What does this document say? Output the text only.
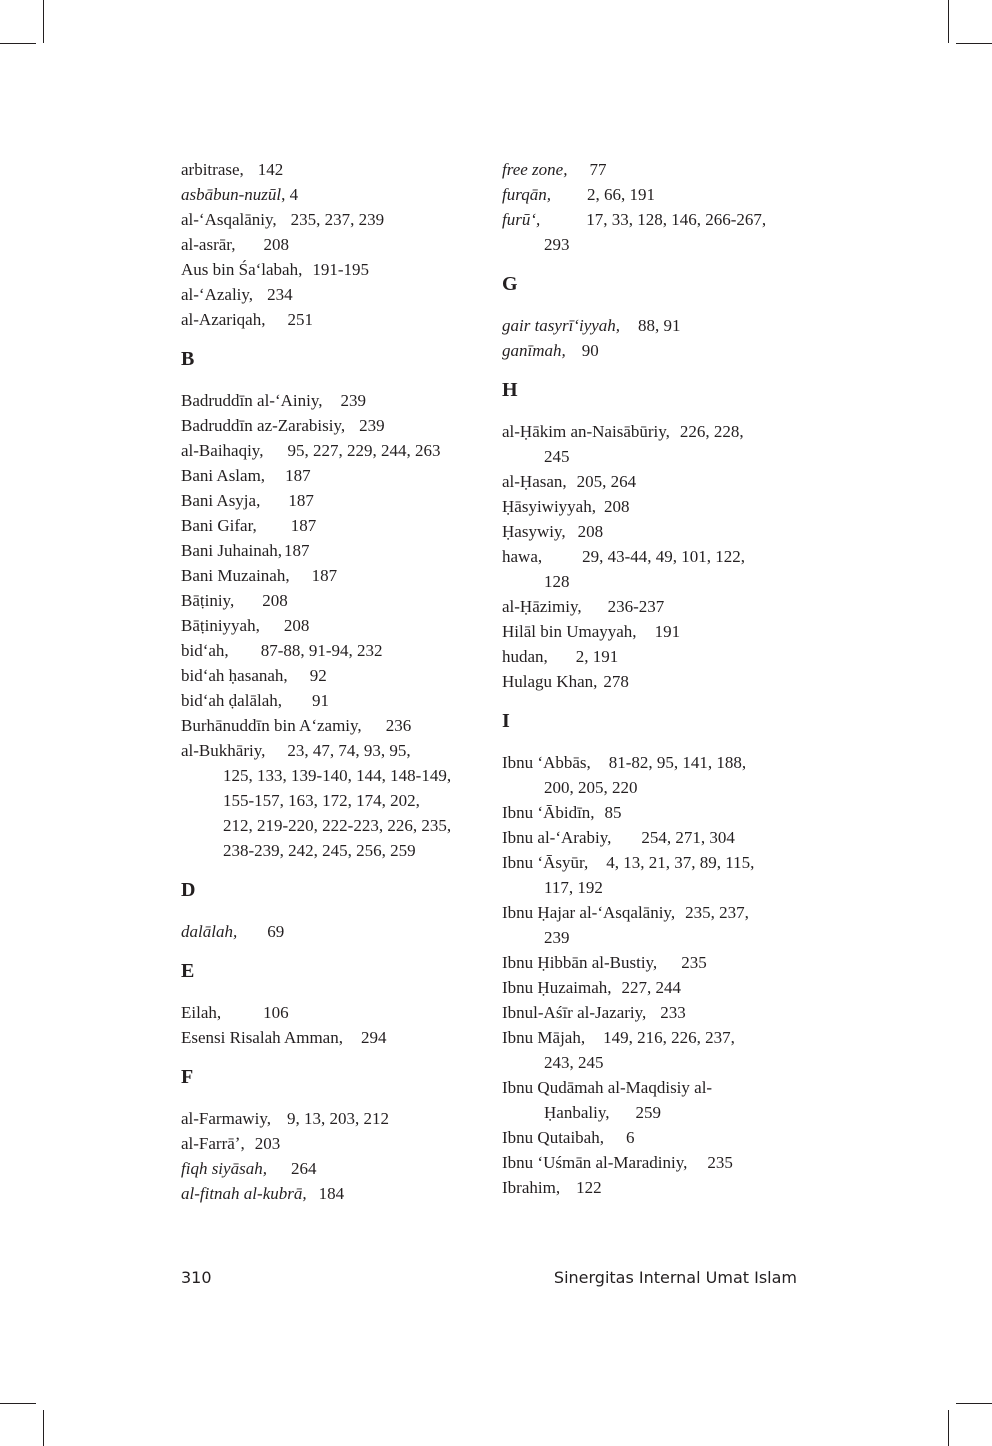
arbitrase, 142
asbābun-nuzūl, 4
al-ʻAsqalāniy, 235, 237, 239
al-asrār, 208
Aus bin Śaʻlabah, 191-195
al-ʻAzaliy, 234
al-Azariqah, 251
B
Badruddīn al-ʻAiniy, 239
Badruddīn az-Zarabisiy, 239
al-Baihaqiy, 95, 227, 229, 244, 263
Bani Aslam, 187
Bani Asyja, 187
Bani Gifar, 187
Bani Juhainah, 187
Bani Muzainah, 187
Bāṭiniy, 208
Bāṭiniyyah, 208
bidʻah, 87-88, 91-94, 232
bidʻah ḥasanah, 92
bidʻah ḍalālah, 91
Burhānuddīn bin Aʻzamiy, 236
al-Bukhāriy, 23, 47, 74, 93, 95,
125, 133, 139-140, 144, 148-149,
155-157, 163, 172, 174, 202,
212, 219-220, 222-223, 226, 235,
238-239, 242, 245, 256, 259
D
dalālah, 69
E
Eilah, 106
Esensi Risalah Amman, 294
F
al-Farmawiy, 9, 13, 203, 212
al-Farrāʼ, 203
fiqh siyāsah, 264
al-fitnah al-kubrā, 184
free zone, 77
furqān, 2, 66, 191
furūʻ,	17, 33, 128, 146, 266-267,
293
G
gair tasyrīʻiyyah, 88, 91
ganīmah, 90
H
al-Ḥākim an-Naisābūriy, 226, 228,
245
al-Ḥasan, 205, 264
Ḥāsyiwiyyah, 208
Ḥasywiy, 208
hawa, 29, 43-44, 49, 101, 122,
128
al-Ḥāzimiy, 236-237
Hilāl bin Umayyah, 191
hudan, 2, 191
Hulagu Khan, 278
I
Ibnu ʻAbbās, 81-82, 95, 141, 188,
200, 205, 220
Ibnu ʻĀbidīn, 85
Ibnu al-ʻArabiy, 254, 271, 304
Ibnu ʻĀsyūr, 4, 13, 21, 37, 89, 115,
117, 192
Ibnu Ḥajar al-ʻAsqalāniy, 235, 237,
239
Ibnu Ḥibbān al-Bustiy, 235
Ibnu Ḥuzaimah, 227, 244
Ibnul-Aśīr al-Jazariy, 233
Ibnu Mājah, 149, 216, 226, 237,
243, 245
Ibnu Qudāmah al-Maqdisiy al-
Ḥanbaliy, 259
Ibnu Qutaibah, 6
Ibnu ʻUśmān al-Maradiniy, 235
Ibrahim, 122
310	Sinergitas Internal Umat Islam
